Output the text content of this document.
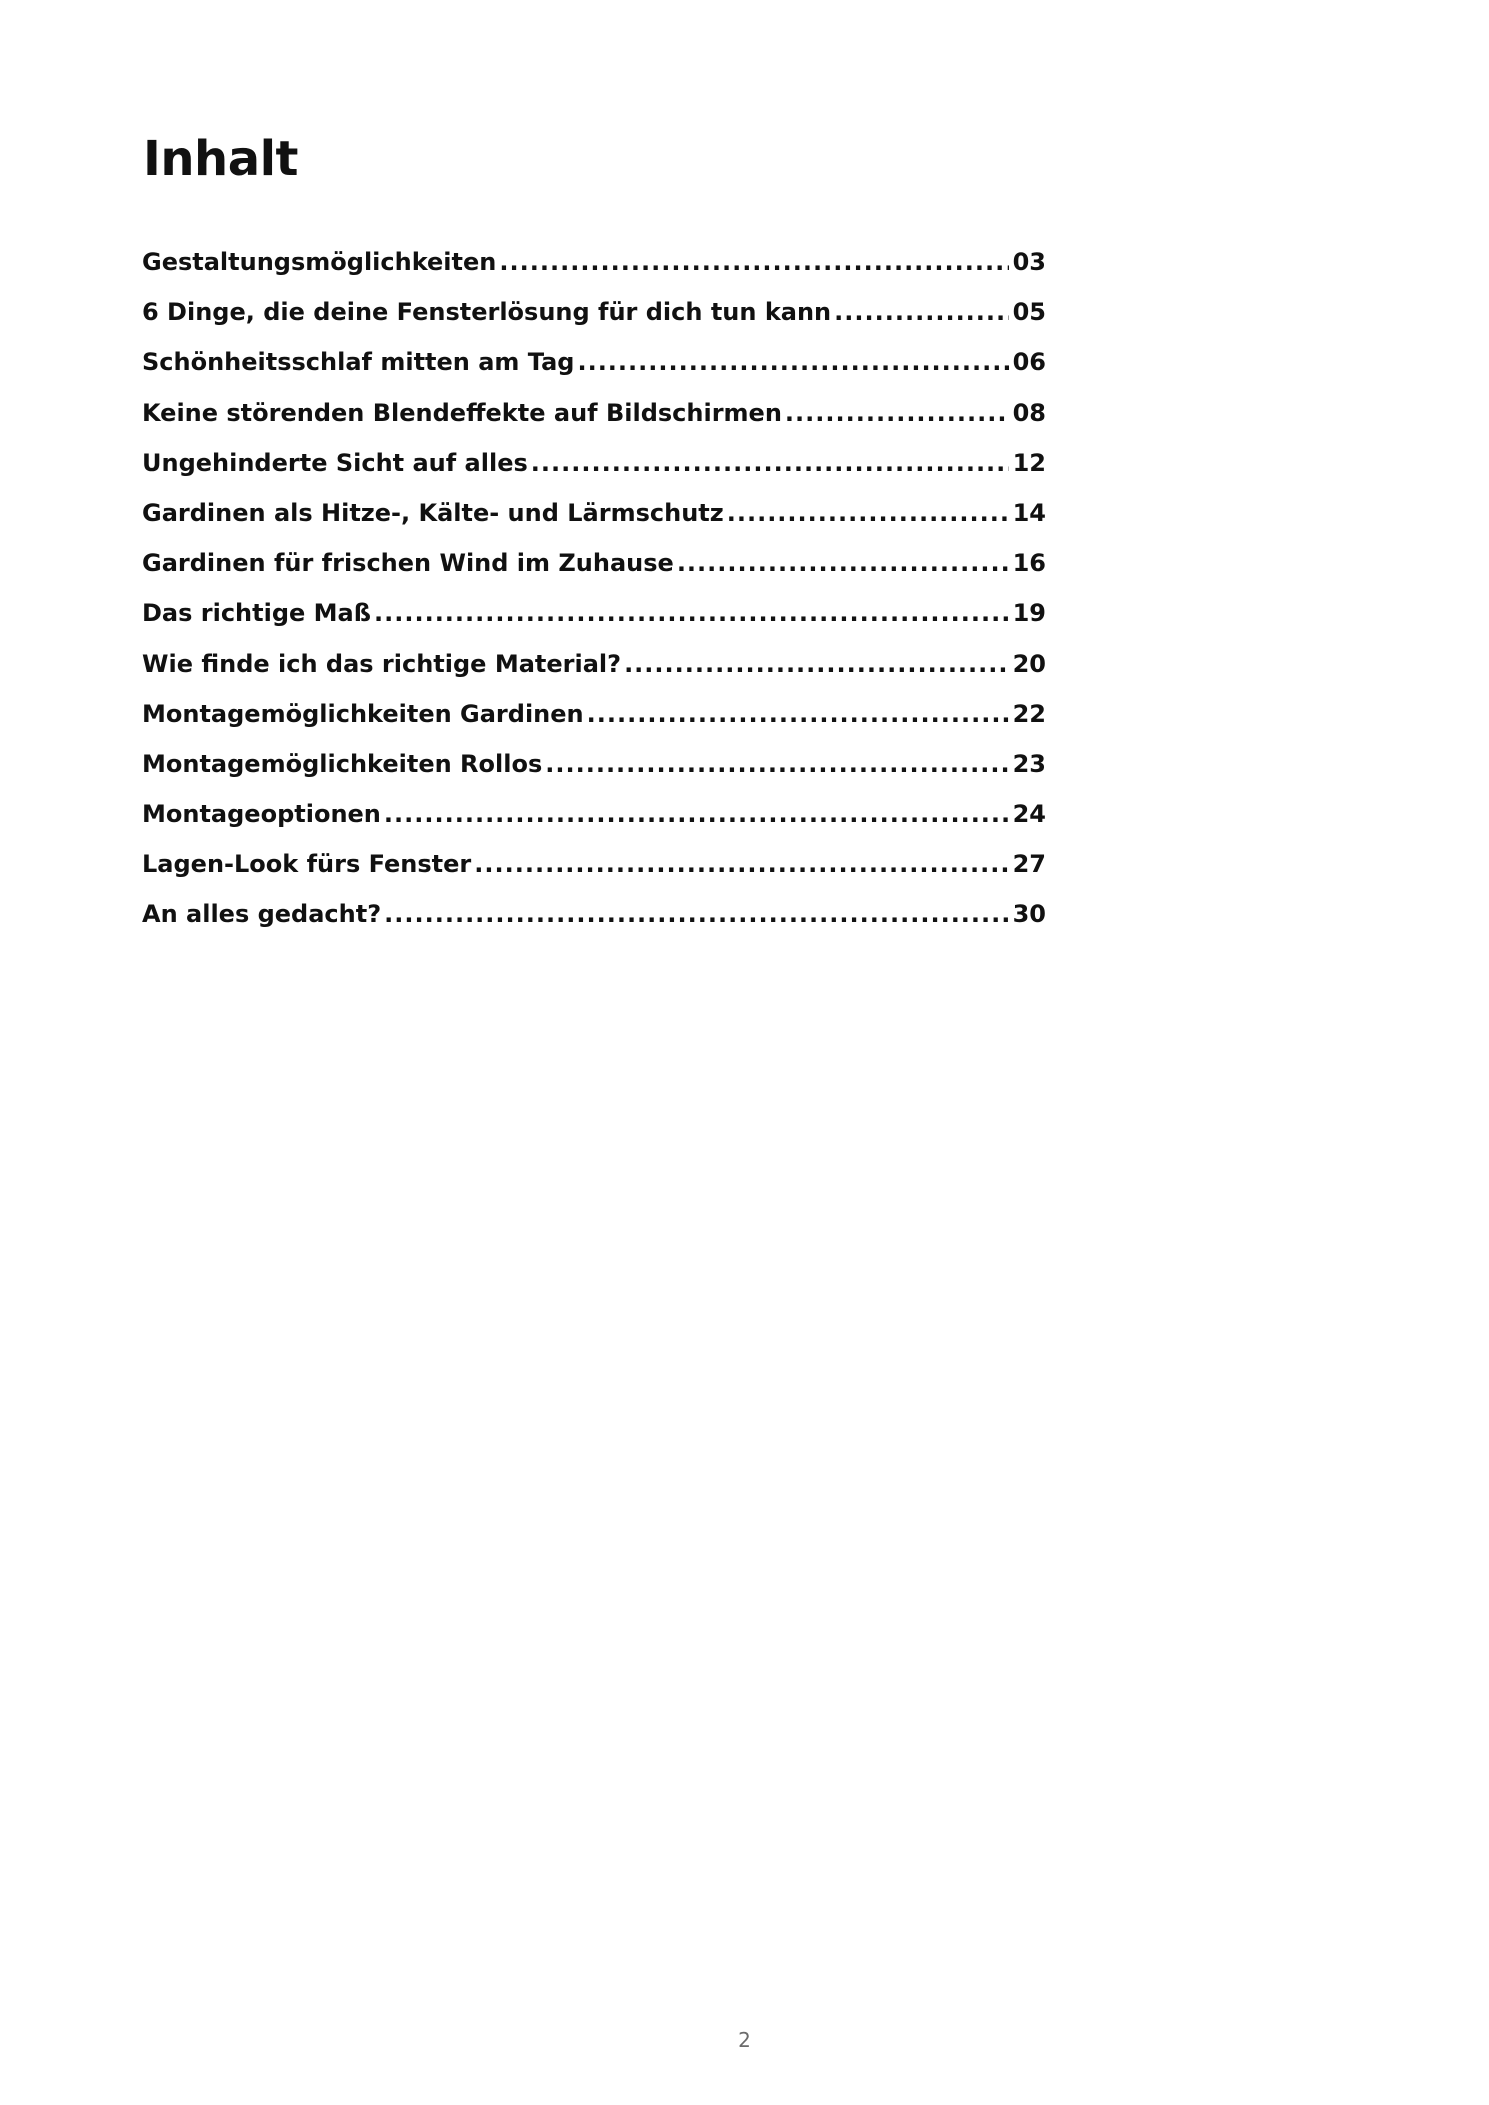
Inhalt
Gestaltungsmöglichkeiten .....	03
6 Dinge, die deine Fensterlösung für dich tun kann .....	05
Schönheitsschlaf mitten am Tag .....	06
Keine störenden Blendeffekte auf Bildschirmen .....	08
Ungehinderte Sicht auf alles .....	12
Gardinen als Hitze-, Kälte- und Lärmschutz .....	14
Gardinen für frischen Wind im Zuhause .....	16
Das richtige Maß .....	19
Wie finde ich das richtige Material? .....	20
Montagemöglichkeiten Gardinen .....	22
Montagemöglichkeiten Rollos .....	23
Montageoptionen .....	24
Lagen-Look fürs Fenster .....	27
An alles gedacht? .....	30
2
